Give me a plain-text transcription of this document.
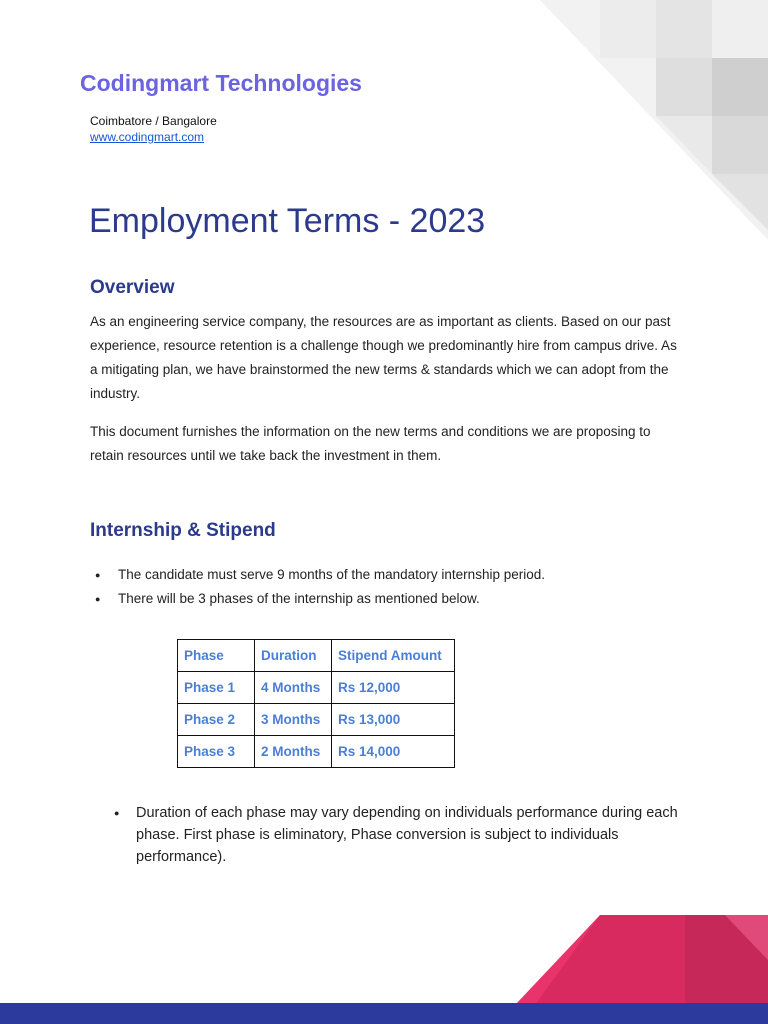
Codingmart Technologies
Coimbatore / Bangalore
www.codingmart.com
Employment Terms - 2023
Overview

As an engineering service company, the resources are as important as clients. Based on our past experience, resource retention is a challenge though we predominantly hire from campus drive. As a mitigating plan, we have brainstormed the new terms & standards which we can adopt from the industry.

This document furnishes the information on the new terms and conditions we are proposing to retain resources until we take back the investment in them.

Internship & Stipend
● The candidate must serve 9 months of the mandatory internship period.
● There will be 3 phases of the internship as mentioned below.
Phase	Duration	Stipend Amount
Phase 1	4 Months	Rs 12,000
Phase 2	3 Months	Rs 13,000
Phase 3	2 Months	Rs 14,000
● Duration of each phase may vary depending on individuals performance during each phase. First phase is eliminatory, Phase conversion is subject to individuals performance).
